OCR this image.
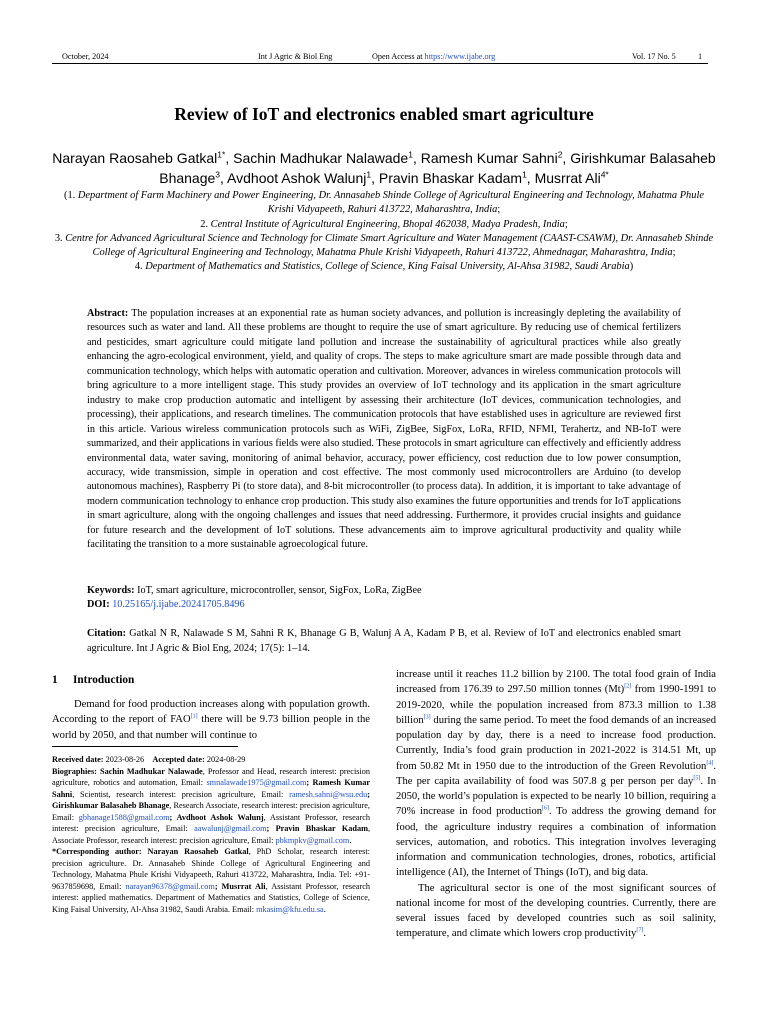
October, 2024	Int J Agric & Biol Eng	Open Access at https://www.ijabe.org	Vol. 17 No. 5	1
Review of IoT and electronics enabled smart agriculture
Narayan Raosaheb Gatkal$^{1*}$, Sachin Madhukar Nalawade$^1$, Ramesh Kumar Sahni$^2$, Girishkumar Balasaheb Bhanage$^3$, Avdhoot Ashok Walunj$^1$, Pravin Bhaskar Kadam$^1$, Musrrat Ali$^{4*}$
(1. Department of Farm Machinery and Power Engineering, Dr. Annasaheb Shinde College of Agricultural Engineering and Technology, Mahatma Phule Krishi Vidyapeeth, Rahuri 413722, Maharashtra, India;
2. Central Institute of Agricultural Engineering, Bhopal 462038, Madya Pradesh, India;
3. Centre for Advanced Agricultural Science and Technology for Climate Smart Agriculture and Water Management (CAAST-CSAWM), Dr. Annasaheb Shinde College of Agricultural Engineering and Technology, Mahatma Phule Krishi Vidyapeeth, Rahuri 413722, Ahmednagar, Maharashtra, India;
4. Department of Mathematics and Statistics, College of Science, King Faisal University, Al-Ahsa 31982, Saudi Arabia)
Abstract: The population increases at an exponential rate as human society advances, and pollution is increasingly depleting the availability of resources such as water and land. All these problems are thought to require the use of smart agriculture. By reducing use of chemical fertilizers and pesticides, smart agriculture could mitigate land pollution and increase the sustainability of agricultural practices while also greatly enhancing the agro-ecological environment, yield, and quality of crops. The steps to make agriculture smart are made possible through data and communication technology, which helps with automatic operation and cultivation. Moreover, advances in wireless communication protocols will bring agriculture to a more intelligent stage. This study provides an overview of IoT technology and its application in the smart agriculture industry to make crop production automatic and intelligent by assessing their architecture (IoT devices, communication technologies, and processing), their applications, and research timelines. The communication protocols that have established uses in agriculture are reviewed first in this article. Various wireless communication protocols such as WiFi, ZigBee, SigFox, LoRa, RFID, NFMI, Terahertz, and NB-IoT were summarized, and their applications in various fields were also studied. These protocols in smart agriculture can effectively and efficiently address environmental data, water saving, monitoring of animal behavior, accuracy, power efficiency, cost reduction due to low power consumption, accuracy, wide transmission, simple in operation and cost effective. The most commonly used microcontrollers are Arduino (to develop autonomous machines), Raspberry Pi (to store data), and 8-bit microcontroller (to process data). In addition, it is important to take advantage of modern communication technology to enhance crop production. This study also examines the future opportunities and trends for IoT applications in smart agriculture, along with the ongoing challenges and issues that need addressing. Furthermore, it provides crucial insights and guidance for future research and the development of IoT solutions. These advancements aim to improve agricultural productivity and quality while facilitating the transition to a more sustainable agroecological future.
Keywords: IoT, smart agriculture, microcontroller, sensor, SigFox, LoRa, ZigBee
DOI: 10.25165/j.ijabe.20241705.8496
Citation: Gatkal N R, Nalawade S M, Sahni R K, Bhanage G B, Walunj A A, Kadam P B, et al. Review of IoT and electronics enabled smart agriculture. Int J Agric & Biol Eng, 2024; 17(5): 1–14.
1 Introduction
Demand for food production increases along with population growth. According to the report of FAO[1] there will be 9.73 billion people in the world by 2050, and that number will continue to
Received date: 2023-08-26 Accepted date: 2024-08-29
Biographies: Sachin Madhukar Nalawade, Professor and Head, research interest: precision agriculture, robotics and automation, Email: smnalawade1975@gmail.com; Ramesh Kumar Sahni, Scientist, research interest: precision agriculture, Email: ramesh.sahni@wsu.edu; Girishkumar Balasaheb Bhanage, Research Associate, research interest: precision agriculture, Email: gbhanage1588@gmail.com; Avdhoot Ashok Walunj, Assistant Professor, research interest: precision agriculture, Email: aawalunj@gmail.com; Pravin Bhaskar Kadam, Associate Professor, research interest: precision agriculture, Email: pbkmpkv@gmail.com.
*Corresponding author: Narayan Raosaheb Gatkal, PhD Scholar, research interest: precision agriculture. Dr. Annasaheb Shinde College of Agricultural Engineering and Technology, Mahatma Phule Krishi Vidyapeeth, Rahuri 413722, Maharashtra, India. Tel: +91-9637859698, Email: narayan96378@gmail.com; Musrrat Ali, Assistant Professor, research interest: applied mathematics. Department of Mathematics and Statistics, College of Science, King Faisal University, Al-Ahsa 31982, Saudi Arabia. Email: mkasim@kfu.edu.sa.
increase until it reaches 11.2 billion by 2100. The total food grain of India increased from 176.39 to 297.50 million tonnes (Mt)[2] from 1990-1991 to 2019-2020, while the population increased from 873.3 million to 1.38 billion[3] during the same period. To meet the food demands of an increased population day by day, there is a need to increase food production. Currently, India’s food grain production in 2021-2022 is 314.51 Mt, up from 50.82 Mt in 1950 due to the introduction of the Green Revolution[4]. The per capita availability of food was 507.8 g per person per day[5]. In 2050, the world’s population is expected to be nearly 10 billion, requiring a 70% increase in food production[6]. To address the growing demand for food, the agriculture industry requires a combination of information services, automation, and robotics. This integration involves leveraging information and communication technologies, drones, robotics, artificial intelligence (AI), the Internet of Things (IoT), and big data.
The agricultural sector is one of the most significant sources of national income for most of the developing countries. Currently, there are several issues faced by developed countries such as soil salinity, temperature, and climate which lowers crop productivity[7].
